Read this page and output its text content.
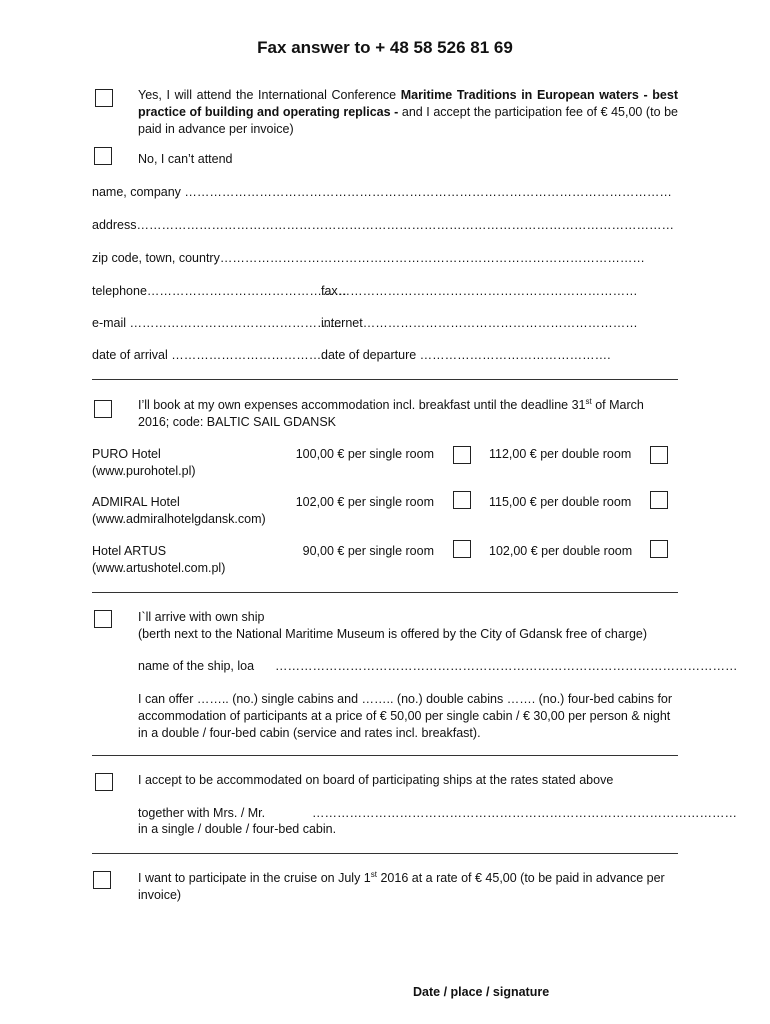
Fax answer to + 48 58 526 81 69
Yes, I will attend the International Conference Maritime Traditions in European waters - best practice of building and operating replicas - and I accept the participation fee of € 45,00 (to be paid in advance per invoice)
No, I can’t attend
name, company ………………………………………………………………………………………………………
address…………………………………………………………………………………………………………………
zip code, town, country…………………………………………………………………………………………
telephone…………………………………………
fax………………………………………………………………
e-mail ……………………………………………
internet…………………………………………………………
date of arrival ……………………………….
date of departure ……………………………………….
I’ll book at my own expenses accommodation incl. breakfast until the deadline 31st of March 2016; code: BALTIC SAIL GDANSK
PURO Hotel
(www.purohotel.pl)
100,00 € per single room	112,00 € per double room
ADMIRAL Hotel
(www.admiralhotelgdansk.com)
102,00 € per single room	115,00 € per double room
Hotel ARTUS
(www.artushotel.com.pl)
90,00 € per single room	102,00 € per double room
I`ll arrive with own ship
(berth next to the National Maritime Museum is offered by the City of Gdansk free of charge)
name of the ship, loa …………………………………………………………………………………………………
I can offer …….. (no.) single cabins and …….. (no.) double cabins ……. (no.) four-bed cabins for accommodation of participants at a price of € 50,00 per single cabin / € 30,00 per person & night in a double / four-bed cabin (service and rates incl. breakfast).
I accept to be accommodated on board of participating ships at the rates stated above
together with Mrs. / Mr.	…………………………………………………………………………………………
in a single / double / four-bed cabin.
I want to participate in the cruise on July 1st 2016 at a rate of € 45,00 (to be paid in advance per invoice)
Date / place / signature
